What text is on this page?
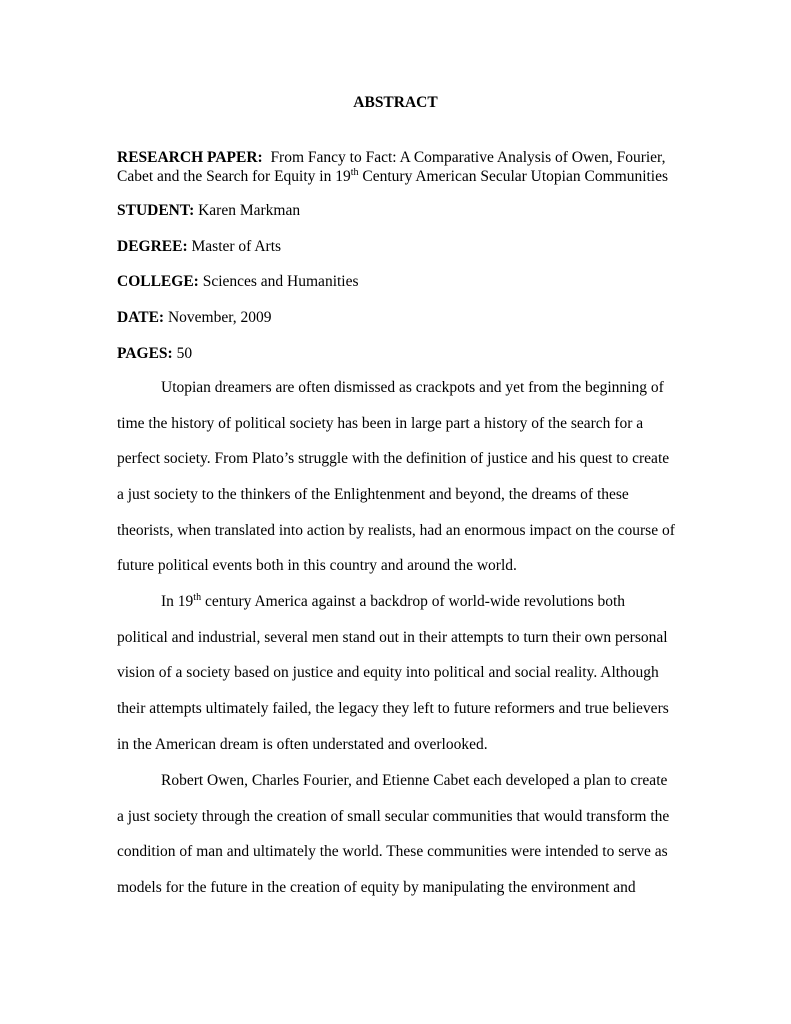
ABSTRACT
RESEARCH PAPER: From Fancy to Fact: A Comparative Analysis of Owen, Fourier,
Cabet and the Search for Equity in 19th Century American Secular Utopian Communities
STUDENT: Karen Markman
DEGREE: Master of Arts
COLLEGE: Sciences and Humanities
DATE: November, 2009
PAGES: 50
Utopian dreamers are often dismissed as crackpots and yet from the beginning of
time the history of political society has been in large part a history of the search for a
perfect society. From Plato’s struggle with the definition of justice and his quest to create
a just society to the thinkers of the Enlightenment and beyond, the dreams of these
theorists, when translated into action by realists, had an enormous impact on the course of
future political events both in this country and around the world.
In 19th century America against a backdrop of world-wide revolutions both
political and industrial, several men stand out in their attempts to turn their own personal
vision of a society based on justice and equity into political and social reality. Although
their attempts ultimately failed, the legacy they left to future reformers and true believers
in the American dream is often understated and overlooked.
Robert Owen, Charles Fourier, and Etienne Cabet each developed a plan to create
a just society through the creation of small secular communities that would transform the
condition of man and ultimately the world. These communities were intended to serve as
models for the future in the creation of equity by manipulating the environment and
